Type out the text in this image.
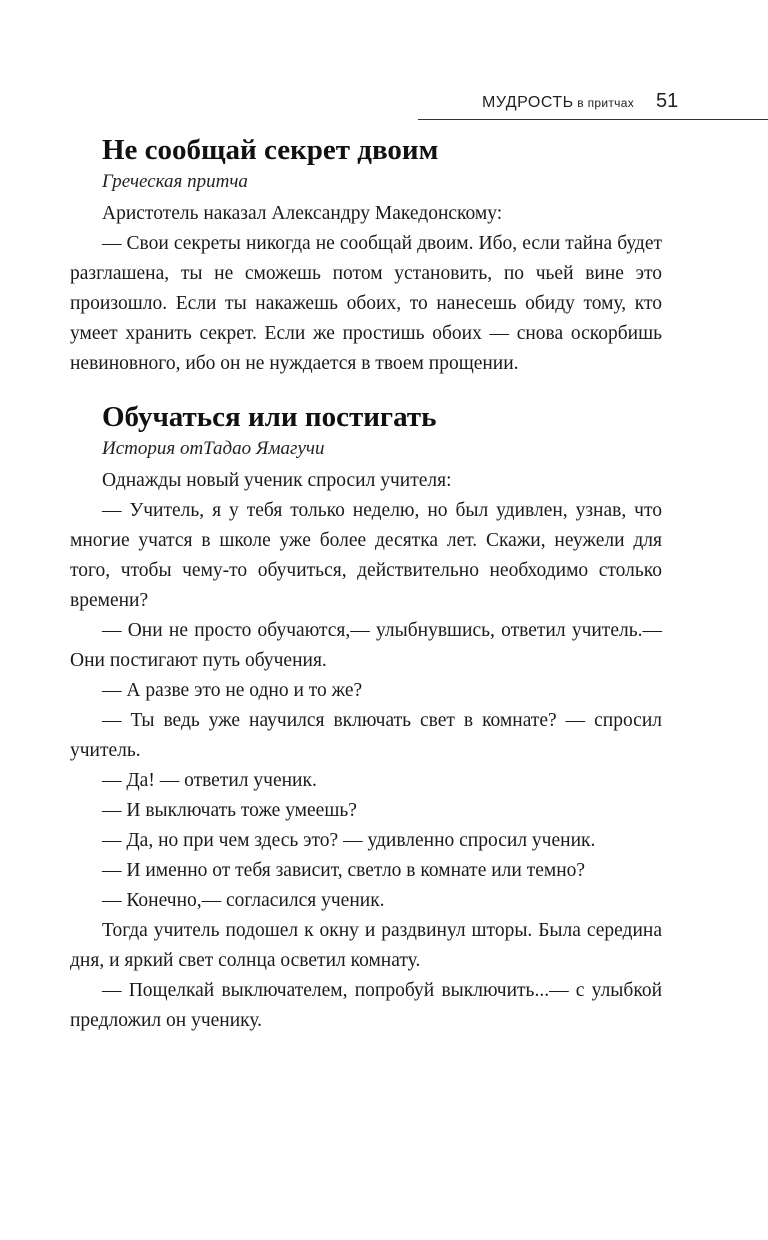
МУДРОСТЬ в притчах 51
Не сообщай секрет двоим
Греческая притча

Аристотель наказал Александру Македонскому:

— Свои секреты никогда не сообщай двоим. Ибо, если тайна будет разглашена, ты не сможешь потом установить, по чьей вине это произошло. Если ты накажешь обоих, то нанесешь обиду тому, кто умеет хранить секрет. Если же простишь обоих — снова оскорбишь невиновного, ибо он не нуждается в твоем прощении.

Обучаться или постигать
История отТадао Ямагучи

Однажды новый ученик спросил учителя:

— Учитель, я у тебя только неделю, но был удивлен, узнав, что многие учатся в школе уже более десятка лет. Скажи, неужели для того, чтобы чему-то обучиться, действительно необходимо столько времени?

— Они не просто обучаются,— улыбнувшись, ответил учитель.— Они постигают путь обучения.

— А разве это не одно и то же?

— Ты ведь уже научился включать свет в комнате? — спросил учитель.

— Да! — ответил ученик.

— И выключать тоже умеешь?

— Да, но при чем здесь это? — удивленно спросил ученик.

— И именно от тебя зависит, светло в комнате или темно?

— Конечно,— согласился ученик.

Тогда учитель подошел к окну и раздвинул шторы. Была середина дня, и яркий свет солнца осветил комнату.

— Пощелкай выключателем, попробуй выключить...— с улыбкой предложил он ученику.
